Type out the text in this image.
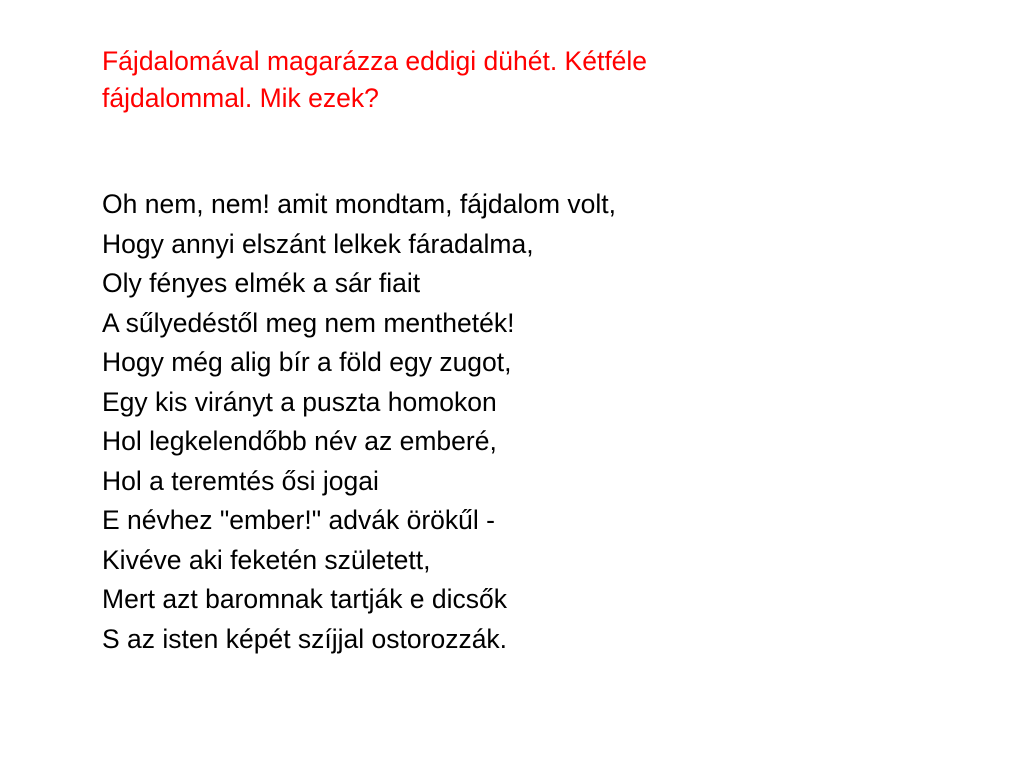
Fájdalomával magarázza eddigi dühét. Kétféle
fájdalommal. Mik ezek?
Oh nem, nem! amit mondtam, fájdalom volt,
Hogy annyi elszánt lelkek fáradalma,
Oly fényes elmék a sár fiait
A sűlyedéstől meg nem mentheték!
Hogy még alig bír a föld egy zugot,
Egy kis virányt a puszta homokon
Hol legkelendőbb név az emberé,
Hol a teremtés ősi jogai
E névhez "ember!" advák örökűl -
Kivéve aki feketén született,
Mert azt baromnak tartják e dicsők
S az isten képét szíjjal ostorozzák.
